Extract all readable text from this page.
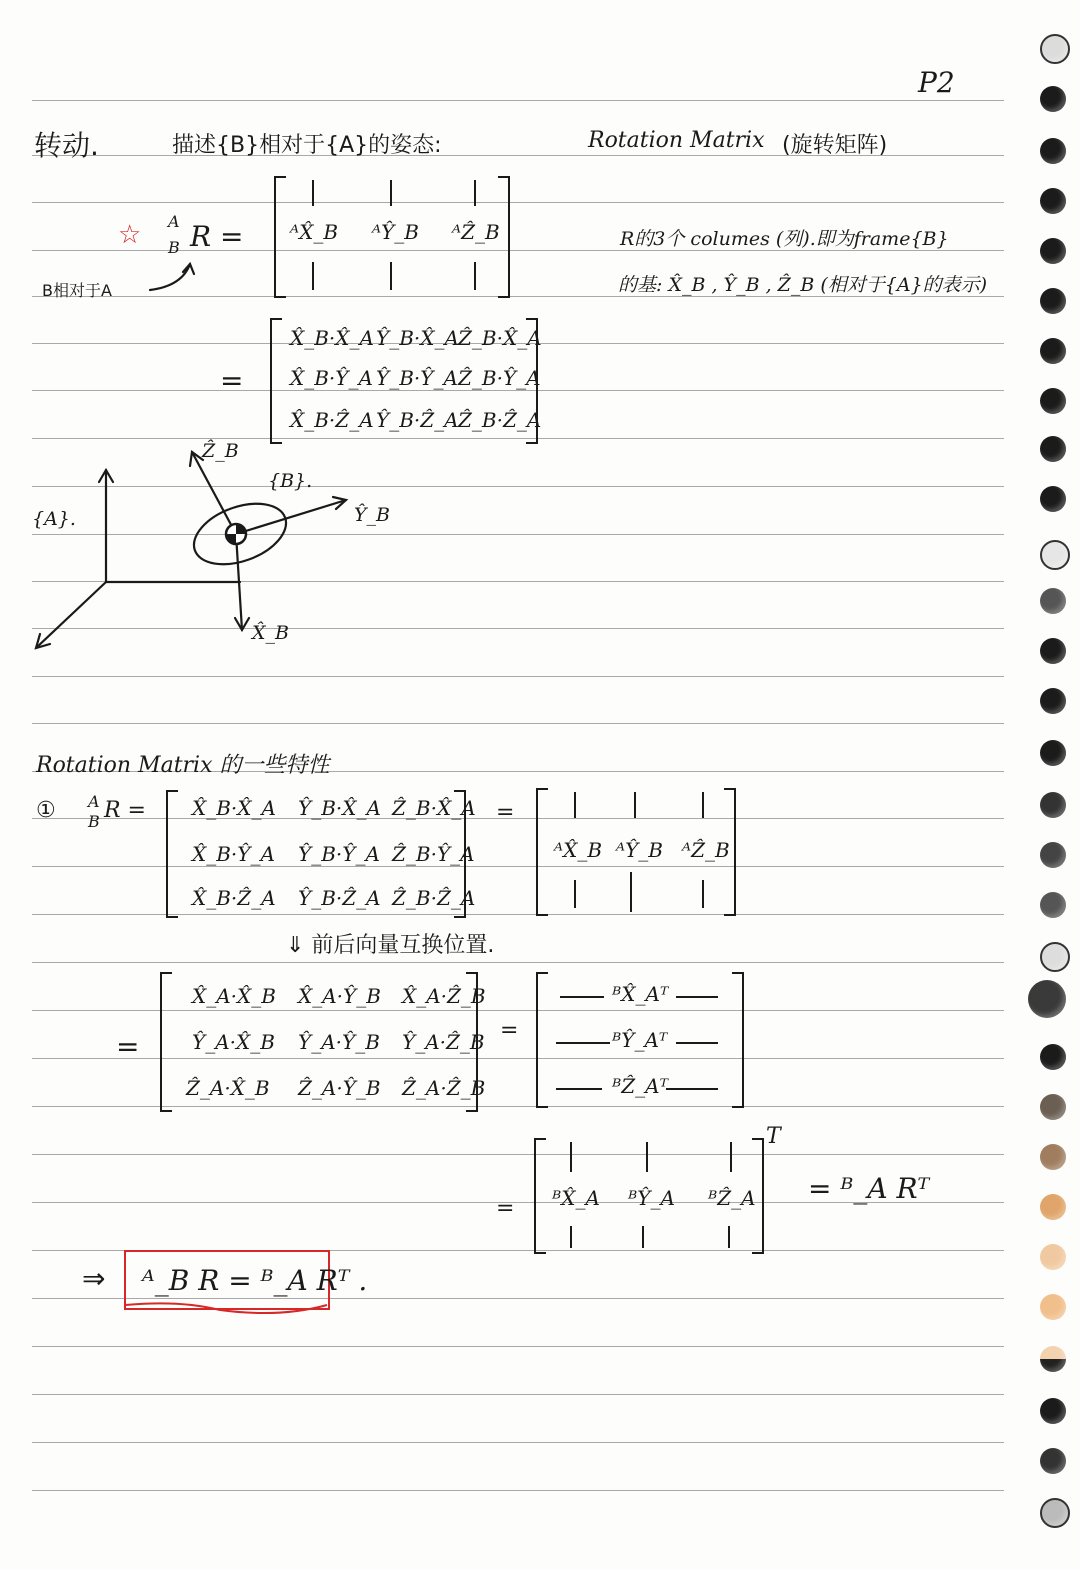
P2
转动.	描述{B}相对于{A}的姿态:	Rotation Matrix (旋转矩阵)
☆ A
B R = ᴬX̂_B ᴬŶ_B ᴬẐ_B
B相对于A
R的3个 columes (列).即为frame{B}
的基: X̂_B , Ŷ_B , Ẑ_B (相对于{A}的表示)
=
X̂_B·X̂_A Ŷ_B·X̂_A Ẑ_B·X̂_A
X̂_B·Ŷ_A Ŷ_B·Ŷ_A Ẑ_B·Ŷ_A
X̂_B·Ẑ_A Ŷ_B·Ẑ_A Ẑ_B·Ẑ_A
{A}.
{B}.
Ẑ_B
Ŷ_B
X̂_B
Rotation Matrix 的一些特性
① A
B R = X̂_B·X̂_A Ŷ_B·X̂_A Ẑ_B·X̂_A
X̂_B·Ŷ_A Ŷ_B·Ŷ_A Ẑ_B·Ŷ_A
X̂_B·Ẑ_A Ŷ_B·Ẑ_A Ẑ_B·Ẑ_A
=
ᴬX̂_B ᴬŶ_B ᴬẐ_B
⇓ 前后向量互换位置.
=
X̂_A·X̂_B X̂_A·Ŷ_B X̂_A·Ẑ_B
Ŷ_A·X̂_B Ŷ_A·Ŷ_B Ŷ_A·Ẑ_B
Ẑ_A·X̂_B Ẑ_A·Ŷ_B Ẑ_A·Ẑ_B
=
ᴮX̂_Aᵀ
ᴮŶ_Aᵀ
ᴮẐ_Aᵀ
= ᴮX̂_A ᴮŶ_A ᴮẐ_A
T
= ᴮ_A Rᵀ
⇒ ᴬ_B R = ᴮ_A Rᵀ .
